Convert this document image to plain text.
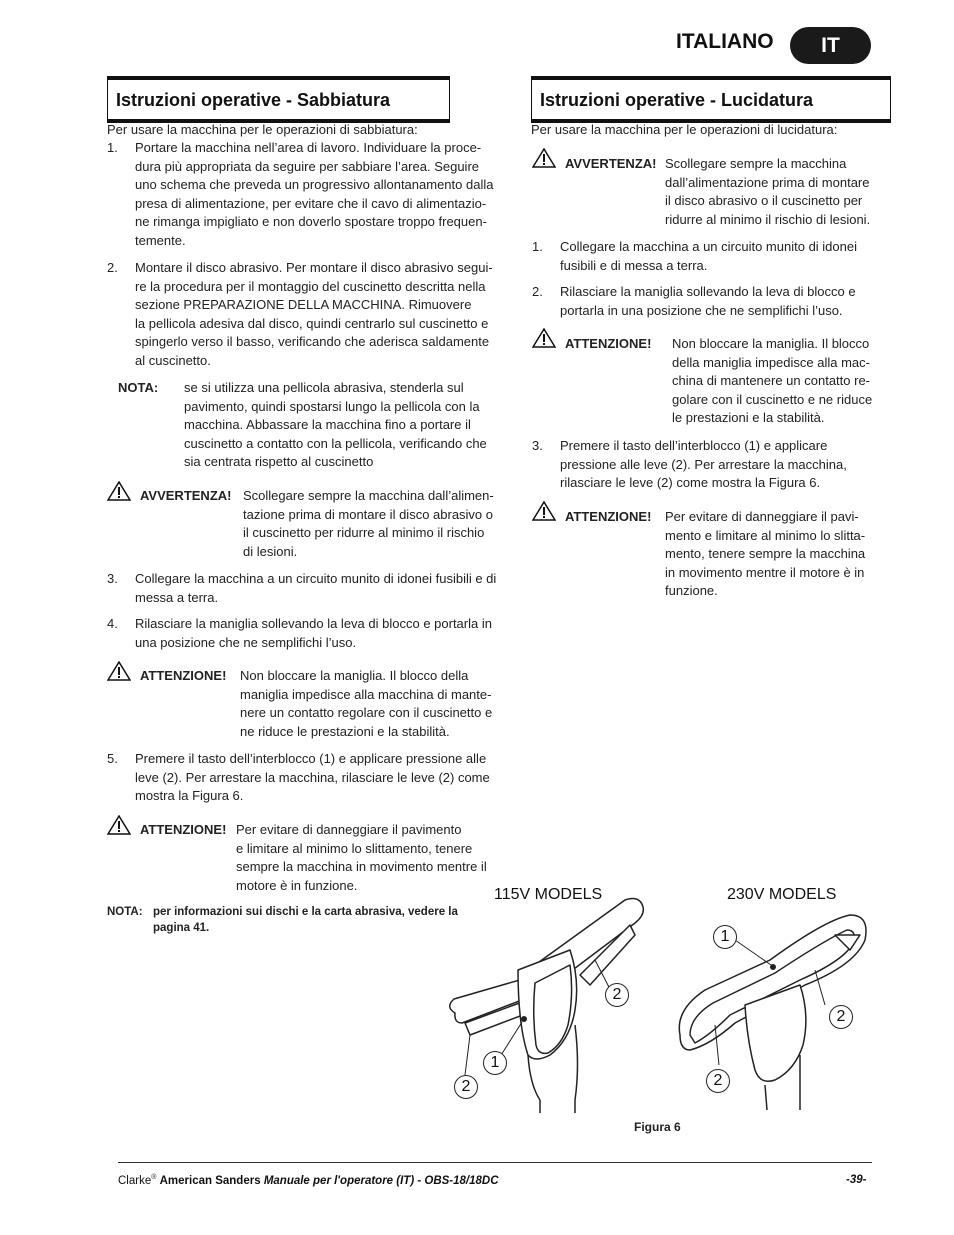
ITALIANO	IT
Istruzioni operative - Sabbiatura
Per usare la macchina per le operazioni di sabbiatura:
1. Portare la macchina nell’area di lavoro. Individuare la proce-
dura più appropriata da seguire per sabbiare l’area. Seguire
uno schema che preveda un progressivo allontanamento dalla
presa di alimentazione, per evitare che il cavo di alimentazio-
ne rimanga impigliato e non doverlo spostare troppo frequen-
temente.
2. Montare il disco abrasivo. Per montare il disco abrasivo segui-
re la procedura per il montaggio del cuscinetto descritta nella
sezione PREPARAZIONE DELLA MACCHINA. Rimuovere
la pellicola adesiva dal disco, quindi centrarlo sul cuscinetto e
spingerlo verso il basso, verificando che aderisca saldamente
al cuscinetto.
NOTA: se si utilizza una pellicola abrasiva, stenderla sul
pavimento, quindi spostarsi lungo la pellicola con la
macchina. Abbassare la macchina fino a portare il
cuscinetto a contatto con la pellicola, verificando che
sia centrata rispetto al cuscinetto
AVVERTENZA! Scollegare sempre la macchina dall’alimen-
tazione prima di montare il disco abrasivo o
il cuscinetto per ridurre al minimo il rischio
di lesioni.
3. Collegare la macchina a un circuito munito di idonei fusibili e di
messa a terra.
4. Rilasciare la maniglia sollevando la leva di blocco e portarla in
una posizione che ne semplifichi l’uso.
ATTENZIONE! Non bloccare la maniglia. Il blocco della
maniglia impedisce alla macchina di mante-
nere un contatto regolare con il cuscinetto e
ne riduce le prestazioni e la stabilità.
5. Premere il tasto dell’interblocco (1) e applicare pressione alle
leve (2). Per arrestare la macchina, rilasciare le leve (2) come
mostra la Figura 6.
ATTENZIONE! Per evitare di danneggiare il pavimento
e limitare al minimo lo slittamento, tenere
sempre la macchina in movimento mentre il
motore è in funzione.
NOTA: per informazioni sui dischi e la carta abrasiva, vedere la
pagina 41.
Istruzioni operative - Lucidatura
Per usare la macchina per le operazioni di lucidatura:
AVVERTENZA! Scollegare sempre la macchina
dall’alimentazione prima di montare
il disco abrasivo o il cuscinetto per
ridurre al minimo il rischio di lesioni.
1. Collegare la macchina a un circuito munito di idonei
fusibili e di messa a terra.
2. Rilasciare la maniglia sollevando la leva di blocco e
portarla in una posizione che ne semplifichi l’uso.
ATTENZIONE! Non bloccare la maniglia. Il blocco
della maniglia impedisce alla mac-
china di mantenere un contatto re-
golare con il cuscinetto e ne riduce
le prestazioni e la stabilità.
3. Premere il tasto dell’interblocco (1) e applicare
pressione alle leve (2). Per arrestare la macchina,
rilasciare le leve (2) come mostra la Figura 6.
ATTENZIONE! Per evitare di danneggiare il pavi-
mento e limitare al minimo lo slitta-
mento, tenere sempre la macchina
in movimento mentre il motore è in
funzione.
115V MODELS	230V MODELS
2
1
2
1
2
2
Figura 6
Clarke® American Sanders Manuale per l'operatore (IT) - OBS-18/18DC	-39-
